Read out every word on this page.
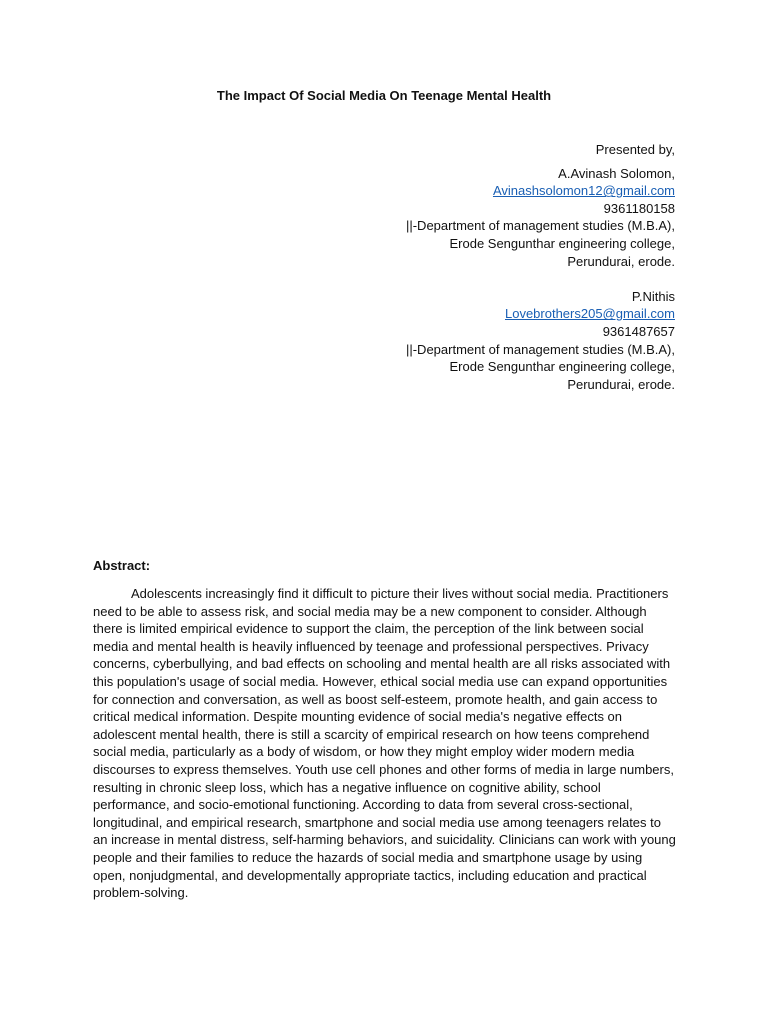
The Impact Of Social Media On Teenage Mental Health
Presented by,
A.Avinash Solomon,
Avinashsolomon12@gmail.com
9361180158
||-Department of management studies (M.B.A),
Erode Sengunthar engineering college,
Perundurai, erode.
P.Nithis
Lovebrothers205@gmail.com
9361487657
||-Department of management studies (M.B.A),
Erode Sengunthar engineering college,
Perundurai, erode.
Abstract:

Adolescents increasingly find it difficult to picture their lives without social media. Practitioners need to be able to assess risk, and social media may be a new component to consider. Although there is limited empirical evidence to support the claim, the perception of the link between social media and mental health is heavily influenced by teenage and professional perspectives. Privacy concerns, cyberbullying, and bad effects on schooling and mental health are all risks associated with this population's usage of social media. However, ethical social media use can expand opportunities for connection and conversation, as well as boost self-esteem, promote health, and gain access to critical medical information. Despite mounting evidence of social media's negative effects on adolescent mental health, there is still a scarcity of empirical research on how teens comprehend social media, particularly as a body of wisdom, or how they might employ wider modern media discourses to express themselves. Youth use cell phones and other forms of media in large numbers, resulting in chronic sleep loss, which has a negative influence on cognitive ability, school performance, and socio-emotional functioning. According to data from several cross-sectional, longitudinal, and empirical research, smartphone and social media use among teenagers relates to an increase in mental distress, self-harming behaviors, and suicidality. Clinicians can work with young people and their families to reduce the hazards of social media and smartphone usage by using open, nonjudgmental, and developmentally appropriate tactics, including education and practical problem-solving.
